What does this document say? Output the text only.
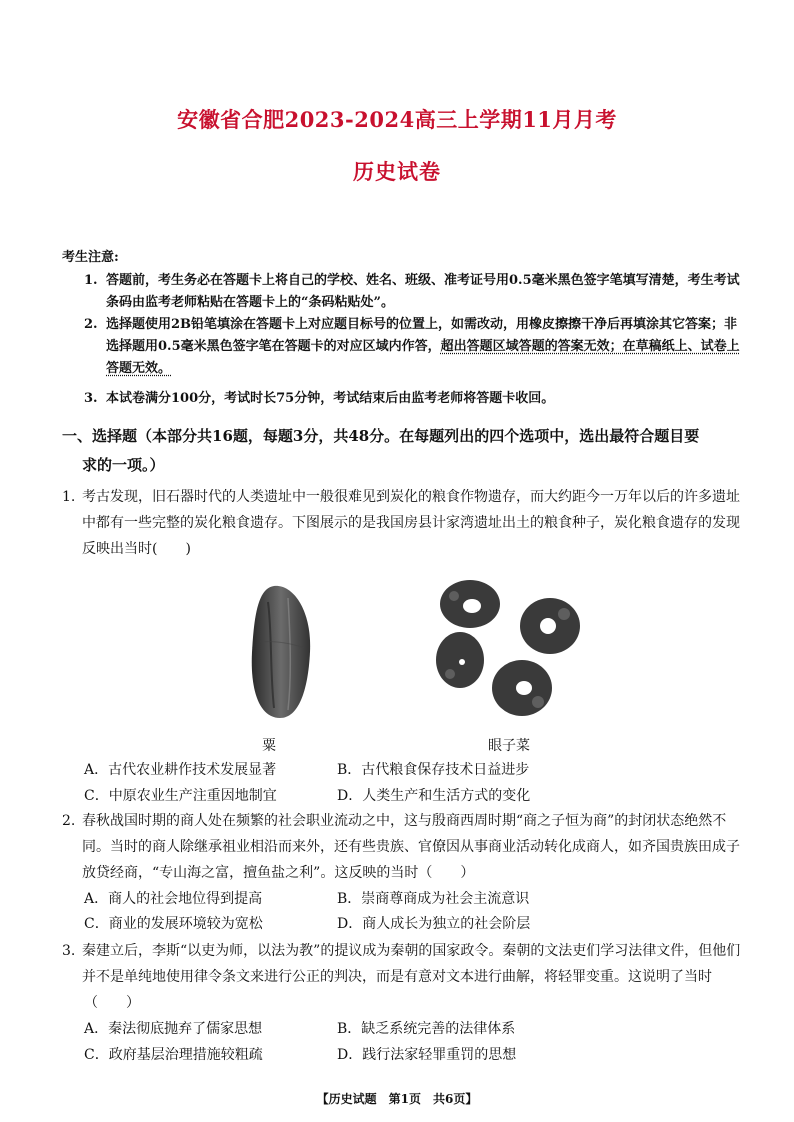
安徽省合肥2023-2024高三上学期11月月考
历史试卷
考生注意:
1. 答题前，考生务必在答题卡上将自己的学校、姓名、班级、准考证号用0.5毫米黑色签字笔填写清楚，考生考试条码由监考老师粘贴在答题卡上的“条码粘贴处”。
2. 选择题使用2B铅笔填涂在答题卡上对应题目标号的位置上，如需改动，用橡皮擦擦干净后再填涂其它答案；非选择题用0.5毫米黑色签字笔在答题卡的对应区域内作答，超出答题区域答题的答案无效；在草稿纸上、试卷上答题无效。
3. 本试卷满分100分，考试时长75分钟，考试结束后由监考老师将答题卡收回。
一、选择题（本部分共16题，每题3分，共48分。在每题列出的四个选项中，选出最符合题目要
求的一项。）
1. 考古发现，旧石器时代的人类遗址中一般很难见到炭化的粮食作物遗存，而大约距今一万年以后的许多遗址中都有一些完整的炭化粮食遗存。下图展示的是我国房县计家湾遗址出土的粮食种子，炭化粮食遗存的发现反映出当时(　　)
粟	眼子菜
A．古代农业耕作技术发展显著	B．古代粮食保存技术日益进步
C．中原农业生产注重因地制宜	D．人类生产和生活方式的变化
2. 春秋战国时期的商人处在频繁的社会职业流动之中，这与殷商西周时期“商之子恒为商”的封闭状态绝然不同。当时的商人除继承祖业相沿而来外，还有些贵族、官僚因从事商业活动转化成商人，如齐国贵族田成子放贷经商，“专山海之富，擅鱼盐之利”。这反映的当时（　　）
A．商人的社会地位得到提高	B．崇商尊商成为社会主流意识
C．商业的发展环境较为宽松	D．商人成长为独立的社会阶层
3. 秦建立后，李斯“以吏为师，以法为教”的提议成为秦朝的国家政令。秦朝的文法吏们学习法律文件，但他们并不是单纯地使用律令条文来进行公正的判决，而是有意对文本进行曲解，将轻罪变重。这说明了当时
（　　）
A．秦法彻底抛弃了儒家思想	B．缺乏系统完善的法律体系
C．政府基层治理措施较粗疏	D．践行法家轻罪重罚的思想
【历史试题　第1页　共6页】
